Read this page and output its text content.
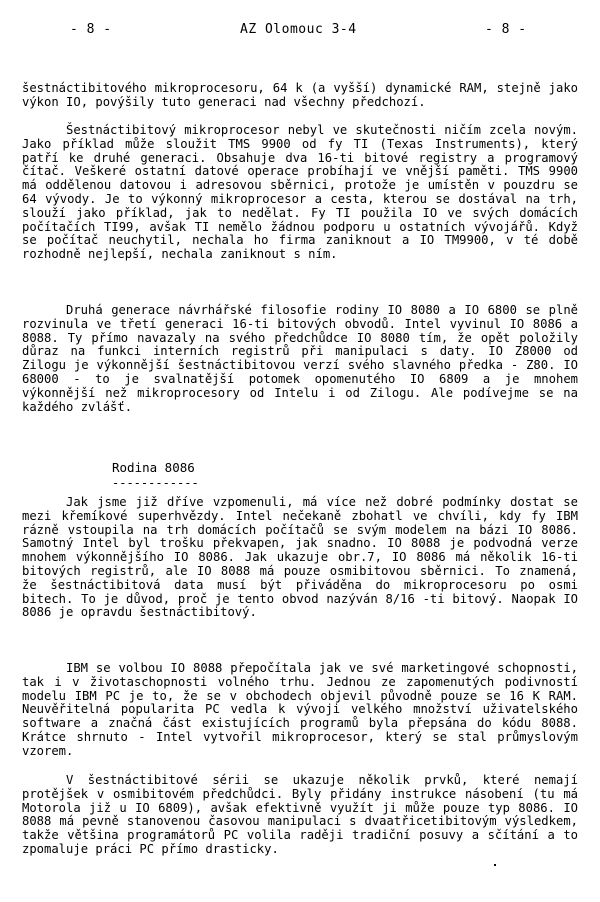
- 8 -	AZ Olomouc 3-4	- 8 -
šestnáctibitového mikroprocesoru, 64 k (a vyšší) dynamické RAM, stejně jako výkon IO, povýšily tuto generaci nad všechny předchozí.
Šestnáctibitový mikroprocesor nebyl ve skutečnosti ničím zcela novým. Jako příklad může sloužit TMS 9900 od fy TI (Texas Instruments), který patří ke druhé generaci. Obsahuje dva 16-ti bitové registry a programový čítač. Veškeré ostatní datové operace probíhají ve vnější paměti. TMS 9900 má oddělenou datovou i adresovou sběrnici, protože je umístěn v pouzdru se 64 vývody. Je to výkonný mikroprocesor a cesta, kterou se dostával na trh, slouží jako příklad, jak to nedělat. Fy TI použila IO ve svých domácích počítačích TI99, avšak TI nemělo žádnou podporu u ostatních vývojářů. Když se počítač neuchytil, nechala ho firma zaniknout a IO TM9900, v té době rozhodně nejlepší, nechala zaniknout s ním.
Druhá generace návrhářské filosofie rodiny IO 8080 a IO 6800 se plně rozvinula ve třetí generaci 16-ti bitových obvodů. Intel vyvinul IO 8086 a 8088. Ty přímo navazaly na svého předchůdce IO 8080 tím, že opět položily důraz na funkci interních registrů při manipulaci s daty. IO Z8000 od Zilogu je výkonnější šestnáctibitovou verzí svého slavného předka - Z80. IO 68000 - to je svalnatější potomek opomenutého IO 6809 a je mnohem výkonnější než mikroprocesory od Intelu i od Zilogu. Ale podívejme se na každého zvlášť.
Rodina 8086
------------
Jak jsme již dříve vzpomenuli, má více než dobré podmínky dostat se mezi křemíkové superhvězdy. Intel nečekaně zbohatl ve chvíli, kdy fy IBM rázně vstoupila na trh domácích počítačů se svým modelem na bázi IO 8086. Samotný Intel byl trošku překvapen, jak snadno. IO 8088 je podvodná verze mnohem výkonnějšího IO 8086. Jak ukazuje obr.7, IO 8086 má několik 16-ti bitových registrů, ale IO 8088 má pouze osmibitovou sběrnici. To znamená, že šestnáctibitová data musí být přiváděna do mikroprocesoru po osmi bitech. To je důvod, proč je tento obvod nazýván 8/16 -ti bitový. Naopak IO 8086 je opravdu šestnáctibitový.
IBM se volbou IO 8088 přepočítala jak ve své marketingové schopnosti, tak i v životaschopnosti volného trhu. Jednou ze zapomenutých podivností modelu IBM PC je to, že se v obchodech objevil původně pouze se 16 K RAM. Neuvěřitelná popularita PC vedla k vývoji velkého množství uživatelského software a značná část existujících programů byla přepsána do kódu 8088. Krátce shrnuto - Intel vytvořil mikroprocesor, který se stal průmyslovým vzorem.
V šestnáctibitové sérii se ukazuje několik prvků, které nemají protějšek v osmibitovém předchůdci. Byly přidány instrukce násobení (tu má Motorola již u IO 6809), avšak efektivně využít ji může pouze typ 8086. IO 8088 má pevně stanovenou časovou manipulaci s dvaatřicetibitovým výsledkem, takže většina programátorů PC volila raději tradiční posuvy a sčítání a to zpomaluje práci PC přímo drasticky.
